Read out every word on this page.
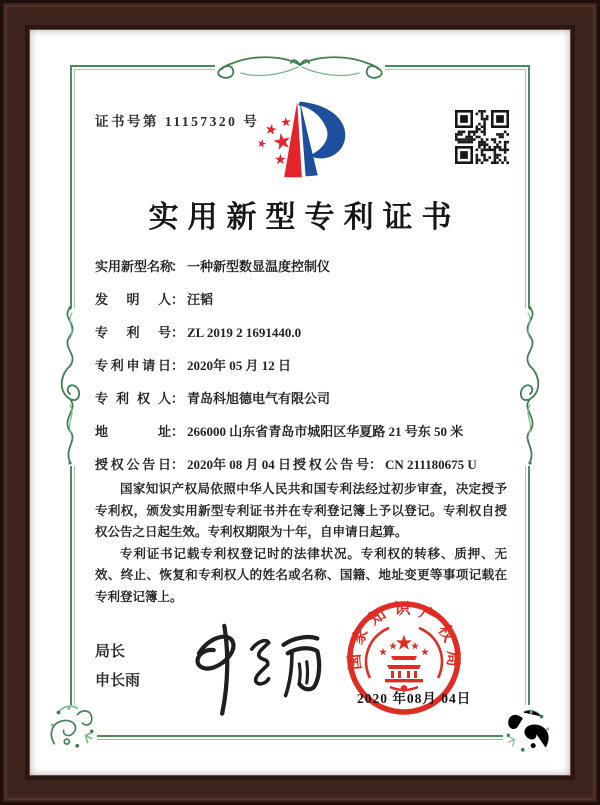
证书号第 11157320 号
实用新型专利证书
实用新型名称： 一种新型数显温度控制仪
发明人： 汪韬
专利号： ZL 2019 2 1691440.0
专利申请日： 2020年 05 月 12 日
专利权人： 青岛科旭德电气有限公司
地址： 266000 山东省青岛市城阳区华夏路 21 号东 50 米
授权公告日： 2020年 08 月 04 日 授权公告号： CN 211180675 U

国家知识产权局依照中华人民共和国专利法经过初步审查，决定授予专利权，颁发实用新型专利证书并在专利登记簿上予以登记。专利权自授权公告之日起生效。专利权期限为十年，自申请日起算。

专利证书记载专利权登记时的法律状况。专利权的转移、质押、无效、终止、恢复和专利权人的姓名或名称、国籍、地址变更等事项记载在专利登记簿上。

局长
申长雨
国家知识产权局
2020 年08月 04日
